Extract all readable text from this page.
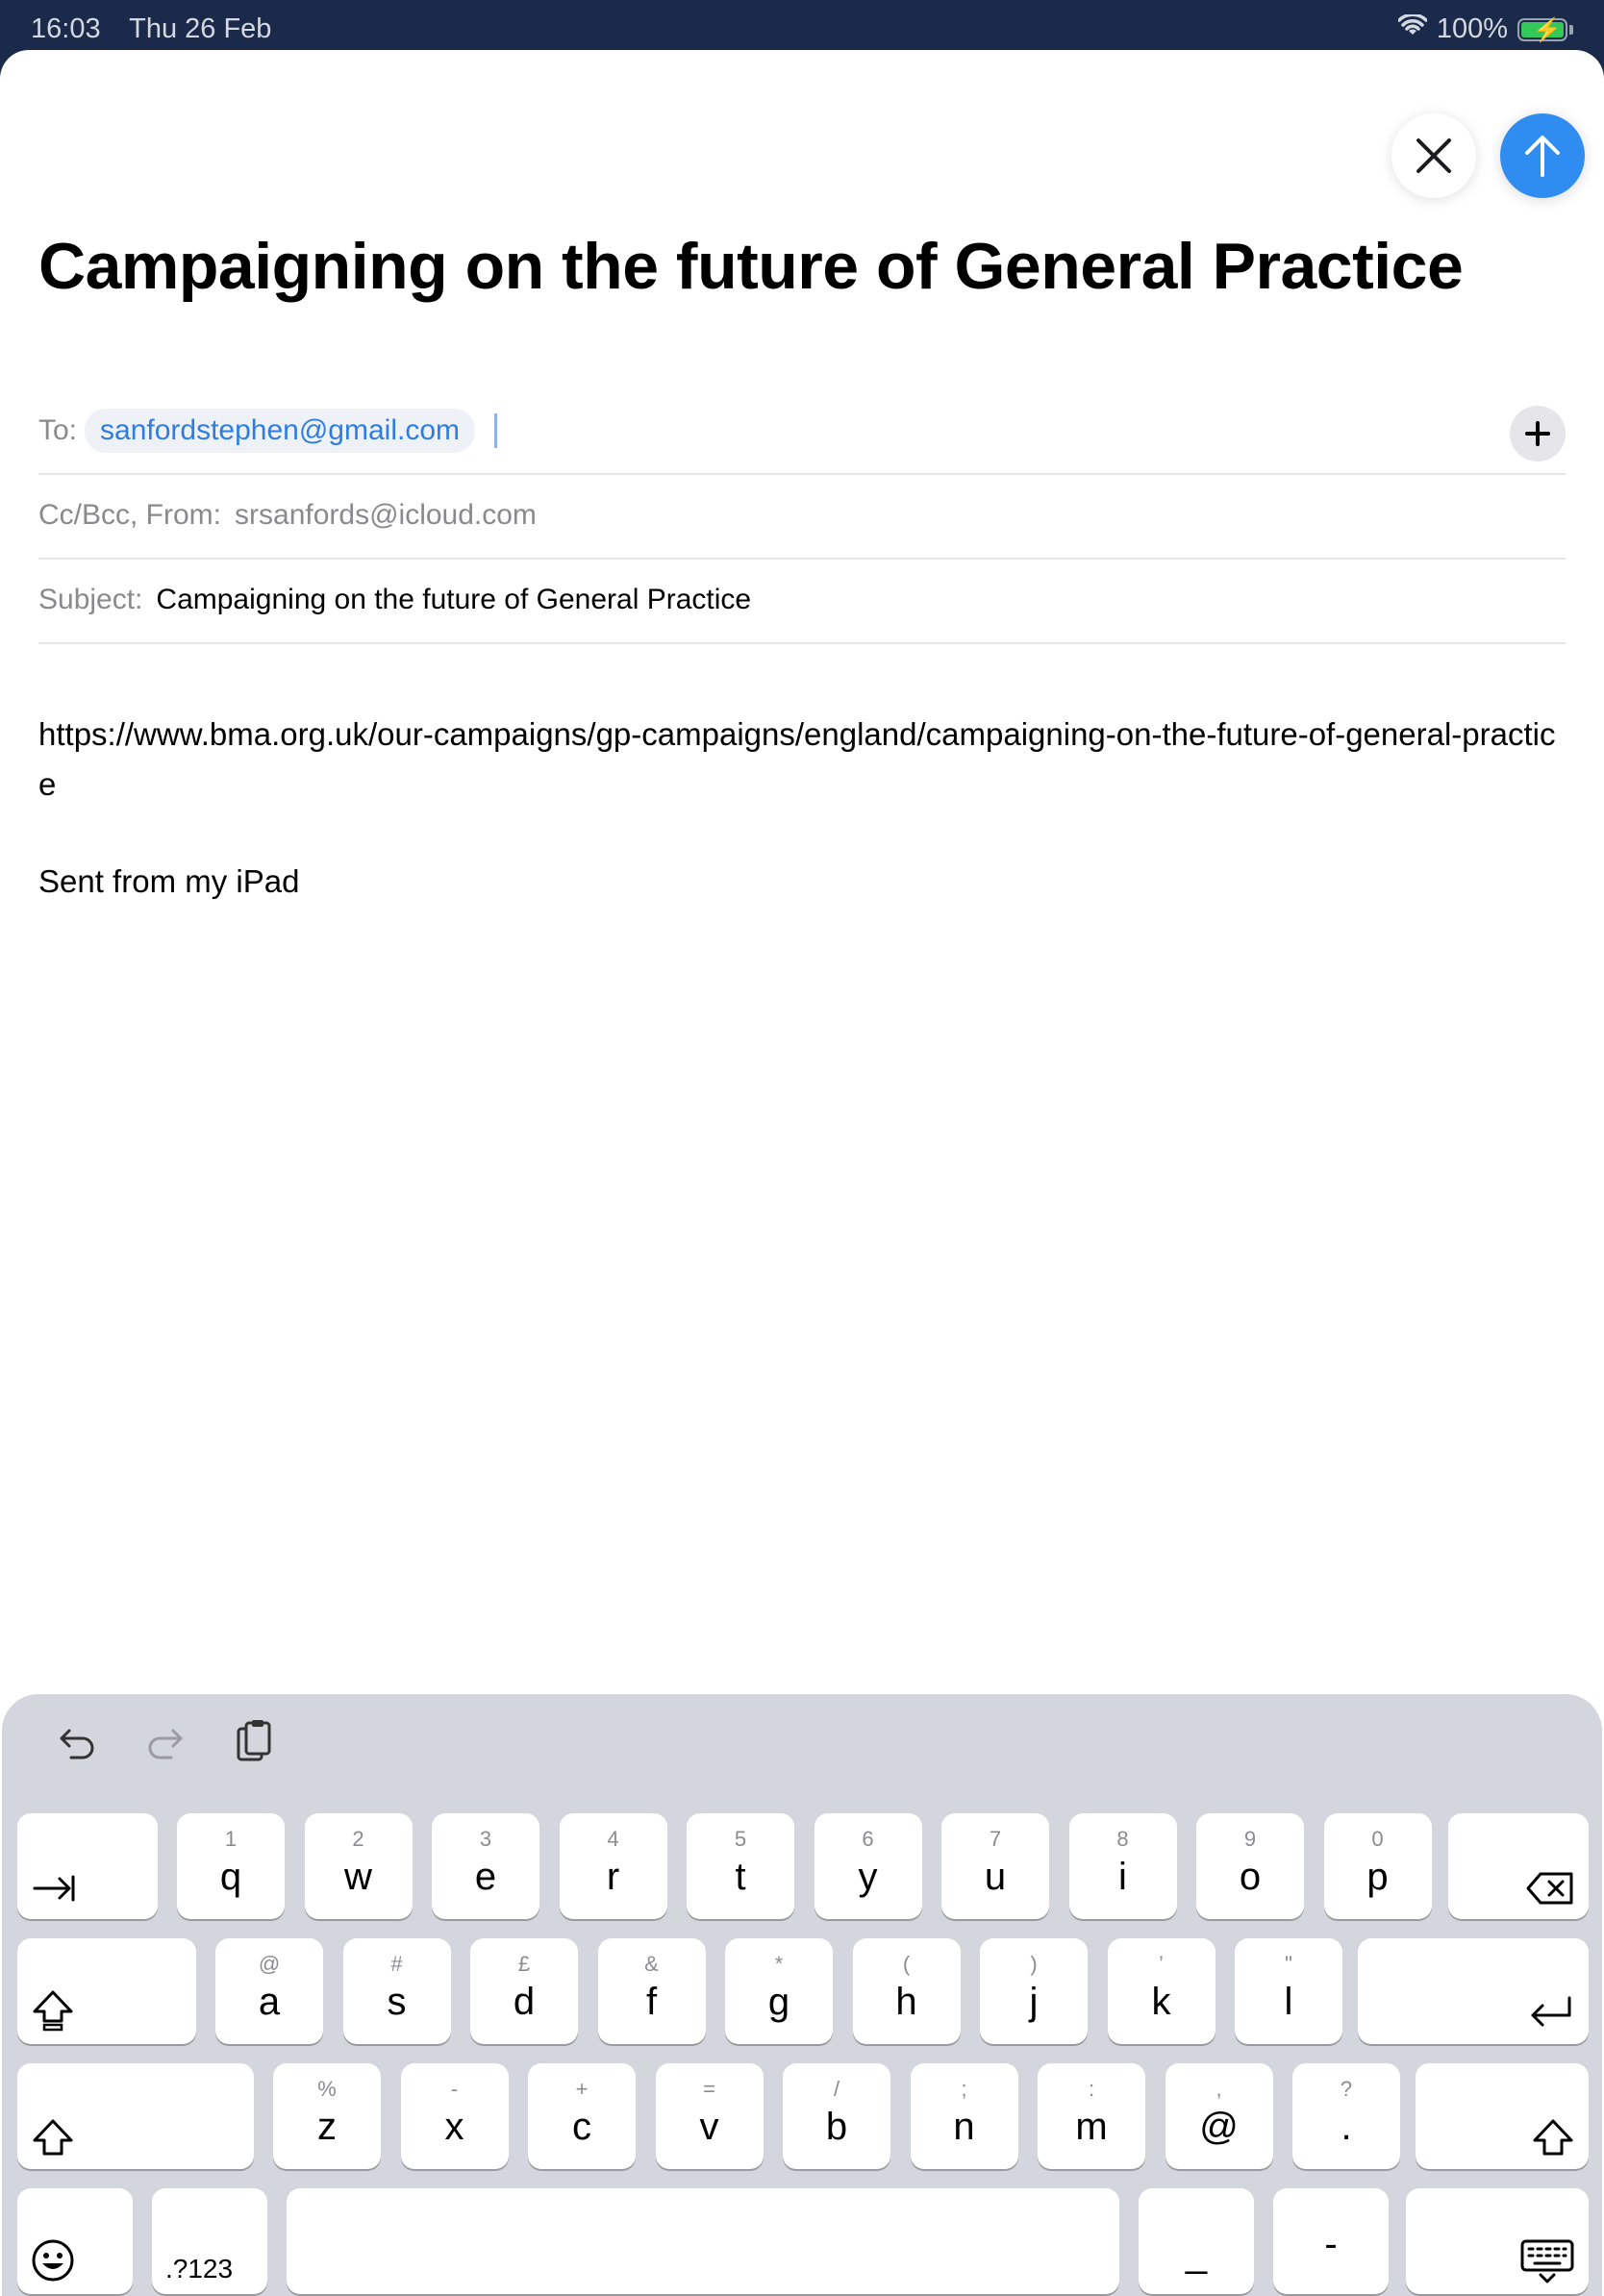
16:03 Thu 26 Feb	100% ⚡
Campaigning on the future of General Practice
To: sanfordstephen@gmail.com
Cc/Bcc, From: srsanfords@icloud.com
Subject: Campaigning on the future of General Practice
https://www.bma.org.uk/our-campaigns/gp-campaigns/england/campaigning-on-the-future-of-general-practice
Sent from my iPad
1
q
2
w
3
e
4
r
5
t
6
y
7
u
8
i
9
o
0
p
@
a
#
s
£
d
&
f
*
g
(
h
)
j
’
k
"
l
%
z
-
x
+
c
=
v
/
b
;
n
:
m
,
@
?
.
.?123	_	-
